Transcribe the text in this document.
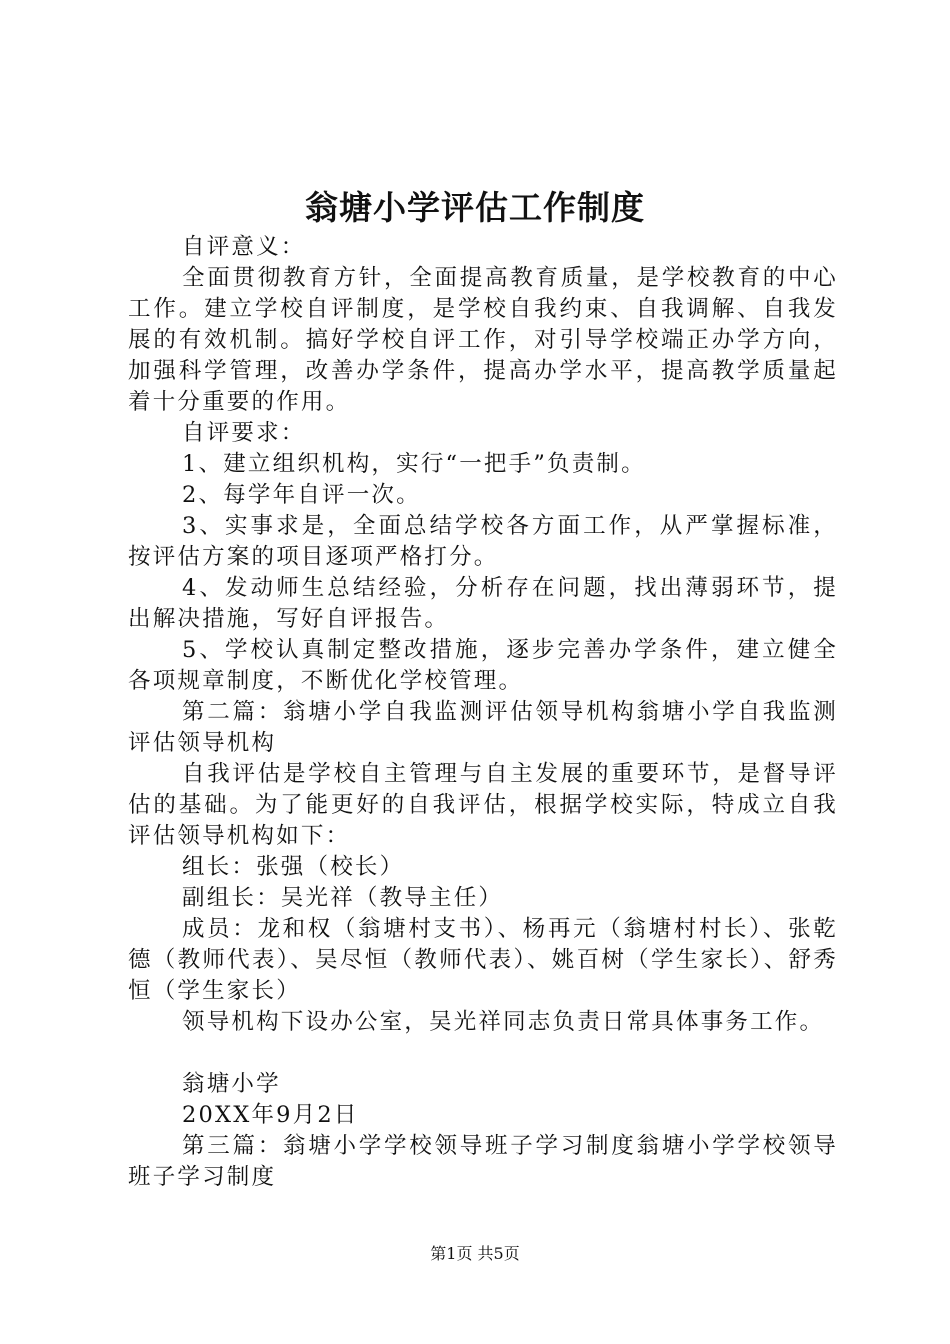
翁塘小学评估工作制度

自评意义：

全面贯彻教育方针，全面提高教育质量，是学校教育的中心工作。建立学校自评制度，是学校自我约束、自我调解、自我发展的有效机制。搞好学校自评工作，对引导学校端正办学方向，加强科学管理，改善办学条件，提高办学水平，提高教学质量起着十分重要的作用。

自评要求：

1、建立组织机构，实行“一把手”负责制。

2、每学年自评一次。

3、实事求是，全面总结学校各方面工作，从严掌握标准，按评估方案的项目逐项严格打分。

4、发动师生总结经验，分析存在问题，找出薄弱环节，提出解决措施，写好自评报告。

5、学校认真制定整改措施，逐步完善办学条件，建立健全各项规章制度，不断优化学校管理。

第二篇：翁塘小学自我监测评估领导机构翁塘小学自我监测评估领导机构

自我评估是学校自主管理与自主发展的重要环节，是督导评估的基础。为了能更好的自我评估，根据学校实际，特成立自我评估领导机构如下：

组长：张强（校长）

副组长：吴光祥（教导主任）

成员：龙和权（翁塘村支书）、杨再元（翁塘村村长）、张乾德（教师代表）、吴尽恒（教师代表）、姚百树（学生家长）、舒秀恒（学生家长）

领导机构下设办公室，吴光祥同志负责日常具体事务工作。

翁塘小学

20XX年9月2日

第三篇：翁塘小学学校领导班子学习制度翁塘小学学校领导班子学习制度

第1页 共5页
